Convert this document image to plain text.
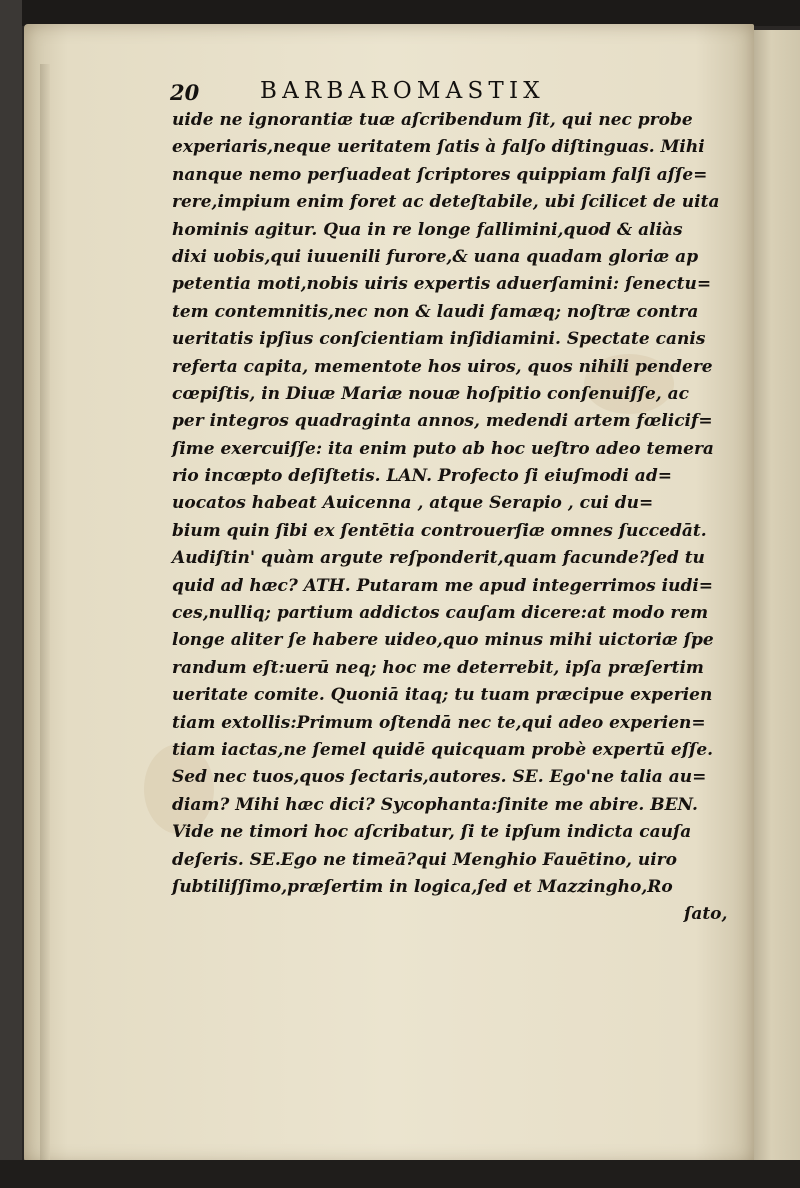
20	BARBAROMASTIX
uide ne ignorantiæ tuæ aſcribendum ſit, qui nec probe
experiaris,neque ueritatem ſatis à falſo diſtinguas. Mihi
nanque nemo perſuadeat ſcriptores quippiam falſi aſſe=
rere,impium enim foret ac deteſtabile, ubi ſcilicet de uita
hominis agitur. Qua in re longe fallimini,quod & aliàs
dixi uobis,qui iuuenili furore,& uana quadam gloriæ ap
petentia moti,nobis uiris expertis aduerſamini: ſenectu=
tem contemnitis,nec non & laudi famæq; noſtræ contra
ueritatis ipſius conſcientiam inſidiamini. Spectate canis
referta capita, mementote hos uiros, quos nihili pendere
cœpiſtis, in Diuæ Mariæ nouæ hoſpitio conſenuiſſe, ac
per integros quadraginta annos, medendi artem fœlicif=
ſime exercuiſſe: ita enim puto ab hoc ueſtro adeo temera
rio incœpto deſiſtetis. LAN. Profecto ſi eiuſmodi ad=
uocatos habeat Auicenna , atque Serapio , cui du=
bium quin ſibi ex ſentētia controuerſiæ omnes ſuccedāt.
Audiſtin' quàm argute reſponderit,quam facunde?ſed tu
quid ad hæc? ATH. Putaram me apud integerrimos iudi=
ces,nulliq; partium addictos cauſam dicere:at modo rem
longe aliter ſe habere uideo,quo minus mihi uictoriæ ſpe
randum eſt:uerū neq; hoc me deterrebit, ipſa præſertim
ueritate comite. Quoniā itaq; tu tuam præcipue experien
tiam extollis:Primum oſtendā nec te,qui adeo experien=
tiam iactas,ne ſemel quidē quicquam probè expertū eſſe.
Sed nec tuos,quos ſectaris,autores. SE. Ego'ne talia au=
diam? Mihi hæc dici? Sycophanta:ſinite me abire. BEN.
Vide ne timori hoc aſcribatur, ſi te ipſum indicta cauſa
deſeris. SE.Ego ne timeā?qui Menghio Fauētino, uiro
ſubtiliſſimo,præſertim in logica,ſed et Mazzingho,Ro
ſato,
